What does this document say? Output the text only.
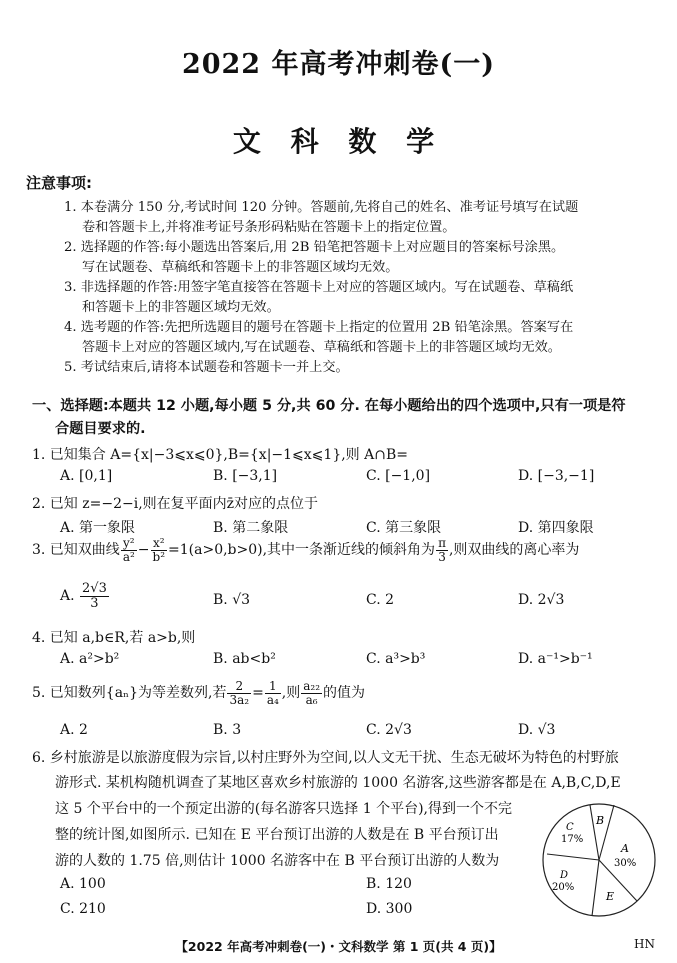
2022 年高考冲刺卷(一)
文 科 数 学
注意事项:
1. 本卷满分 150 分,考试时间 120 分钟。答题前,先将自己的姓名、准考证号填写在试题
卷和答题卡上,并将准考证号条形码粘贴在答题卡上的指定位置。
2. 选择题的作答:每小题选出答案后,用 2B 铅笔把答题卡上对应题目的答案标号涂黑。
写在试题卷、草稿纸和答题卡上的非答题区域均无效。
3. 非选择题的作答:用签字笔直接答在答题卡上对应的答题区域内。写在试题卷、草稿纸
和答题卡上的非答题区域均无效。
4. 选考题的作答:先把所选题目的题号在答题卡上指定的位置用 2B 铅笔涂黑。答案写在
答题卡上对应的答题区域内,写在试题卷、草稿纸和答题卡上的非答题区域均无效。
5. 考试结束后,请将本试题卷和答题卡一并上交。
一、选择题:本题共 12 小题,每小题 5 分,共 60 分. 在每小题给出的四个选项中,只有一项是符
合题目要求的.
1. 已知集合 A={x|−3⩽x⩽0},B={x|−1⩽x⩽1},则 A∩B=
A. [0,1]	B. [−3,1]	C. [−1,0]	D. [−3,−1]
2. 已知 z=−2−i,则在复平面内z̄对应的点位于
A. 第一象限	B. 第二象限	C. 第三象限	D. 第四象限
3. 已知双曲线 $\frac{\text{y²}}{\text{a²}} - \frac{\text{x²}}{\text{b²}} =1(a>0,b>0)$,其中一条渐近线的倾斜角为 $\frac{\pi}{3}$ ,则双曲线的离心率为
A. $\frac{2√3}{3}$	B. √3	C. 2	D. 2√3
4. 已知 a,b∈R,若 a>b,则
A. a²>b²	B. ab<b²	C. a³>b³	D. a⁻¹>b⁻¹
5. 已知数列{aₙ}为等差数列,若 $\frac{2}{\text{3a₂}} = \frac{1}{\text{a₄}}$ ,则 $\frac{\text{a₂₂}}{\text{a₆}}$ 的值为
A. 2	B. 3	C. 2√3	D. √3
6. 乡村旅游是以旅游度假为宗旨,以村庄野外为空间,以人文无干扰、生态无破坏为特色的村野旅
游形式. 某机构随机调查了某地区喜欢乡村旅游的 1000 名游客,这些游客都是在 A,B,C,D,E
这 5 个平台中的一个预定出游的(每名游客只选择 1 个平台),得到一个不完
整的统计图,如图所示. 已知在 E 平台预订出游的人数是在 B 平台预订出
游的人数的 1.75 倍,则估计 1000 名游客中在 B 平台预订出游的人数为
A. 100	B. 120
C. 210	D. 300
A
30%
B
C
17%
D
20%
E
【2022 年高考冲刺卷(一)・文科数学 第 1 页(共 4 页)】	HN
